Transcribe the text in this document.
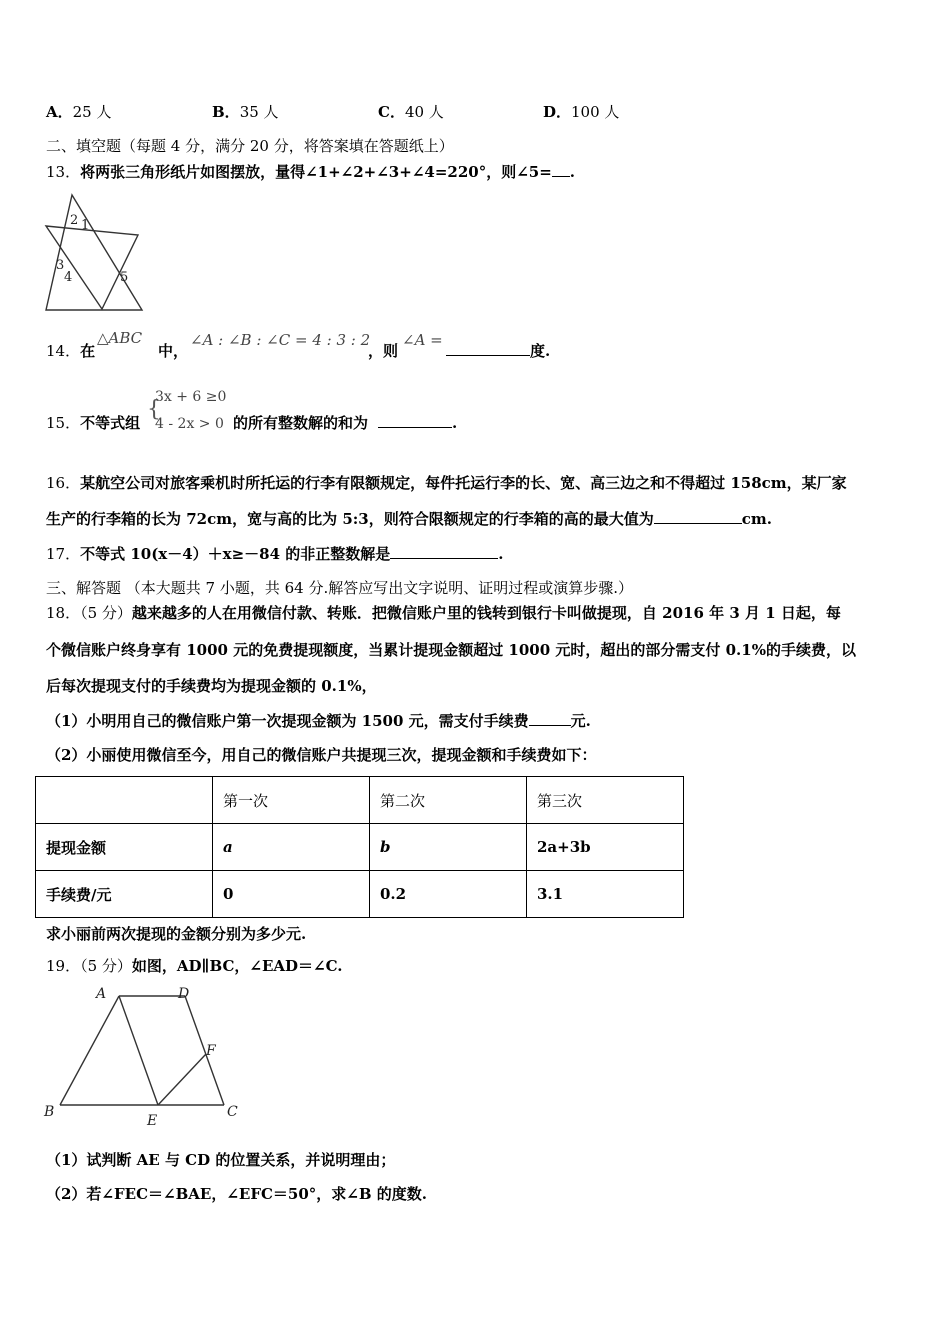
A．25 人	B．35 人	C．40 人	D．100 人
二、填空题（每题 4 分，满分 20 分，将答案填在答题纸上）
13．将两张三角形纸片如图摆放，量得∠1+∠2+∠3+∠4=220°，则∠5= .
2 1
3
4	5
14．在
△ABC
中，
∠A : ∠B : ∠C = 4 : 3 : 2
，则
∠A =
度.
3x + 6 ≥0
{
4 - 2x > 0
15．不等式组	的所有整数解的和为	.
16．某航空公司对旅客乘机时所托运的行李有限额规定，每件托运行李的长、宽、高三边之和不得超过 158cm，某厂家
生产的行李箱的长为 72cm，宽与高的比为 5:3，则符合限额规定的行李箱的高的最大值为	cm.
17．不等式 10(x－4）＋x≥－84 的非正整数解是	.
三、解答题 （本大题共 7 小题，共 64 分.解答应写出文字说明、证明过程或演算步骤.）
18．（5 分）越来越多的人在用微信付款、转账．把微信账户里的钱转到银行卡叫做提现，自 2016 年 3 月 1 日起，每
个微信账户终身享有 1000 元的免费提现额度，当累计提现金额超过 1000 元时，超出的部分需支付 0.1%的手续费，以
后每次提现支付的手续费均为提现金额的 0.1%，
（1）小明用自己的微信账户第一次提现金额为 1500 元，需支付手续费	元.
（2）小丽使用微信至今，用自己的微信账户共提现三次，提现金额和手续费如下：
	第一次	第二次	第三次
提现金额	a	b	2a+3b
手续费/元	0	0.2	3.1
求小丽前两次提现的金额分别为多少元.
19．（5 分）如图，AD∥BC，∠EAD＝∠C.
A	D
F
B
E
C
（1）试判断 AE 与 CD 的位置关系，并说明理由；
（2）若∠FEC＝∠BAE，∠EFC＝50°，求∠B 的度数.
